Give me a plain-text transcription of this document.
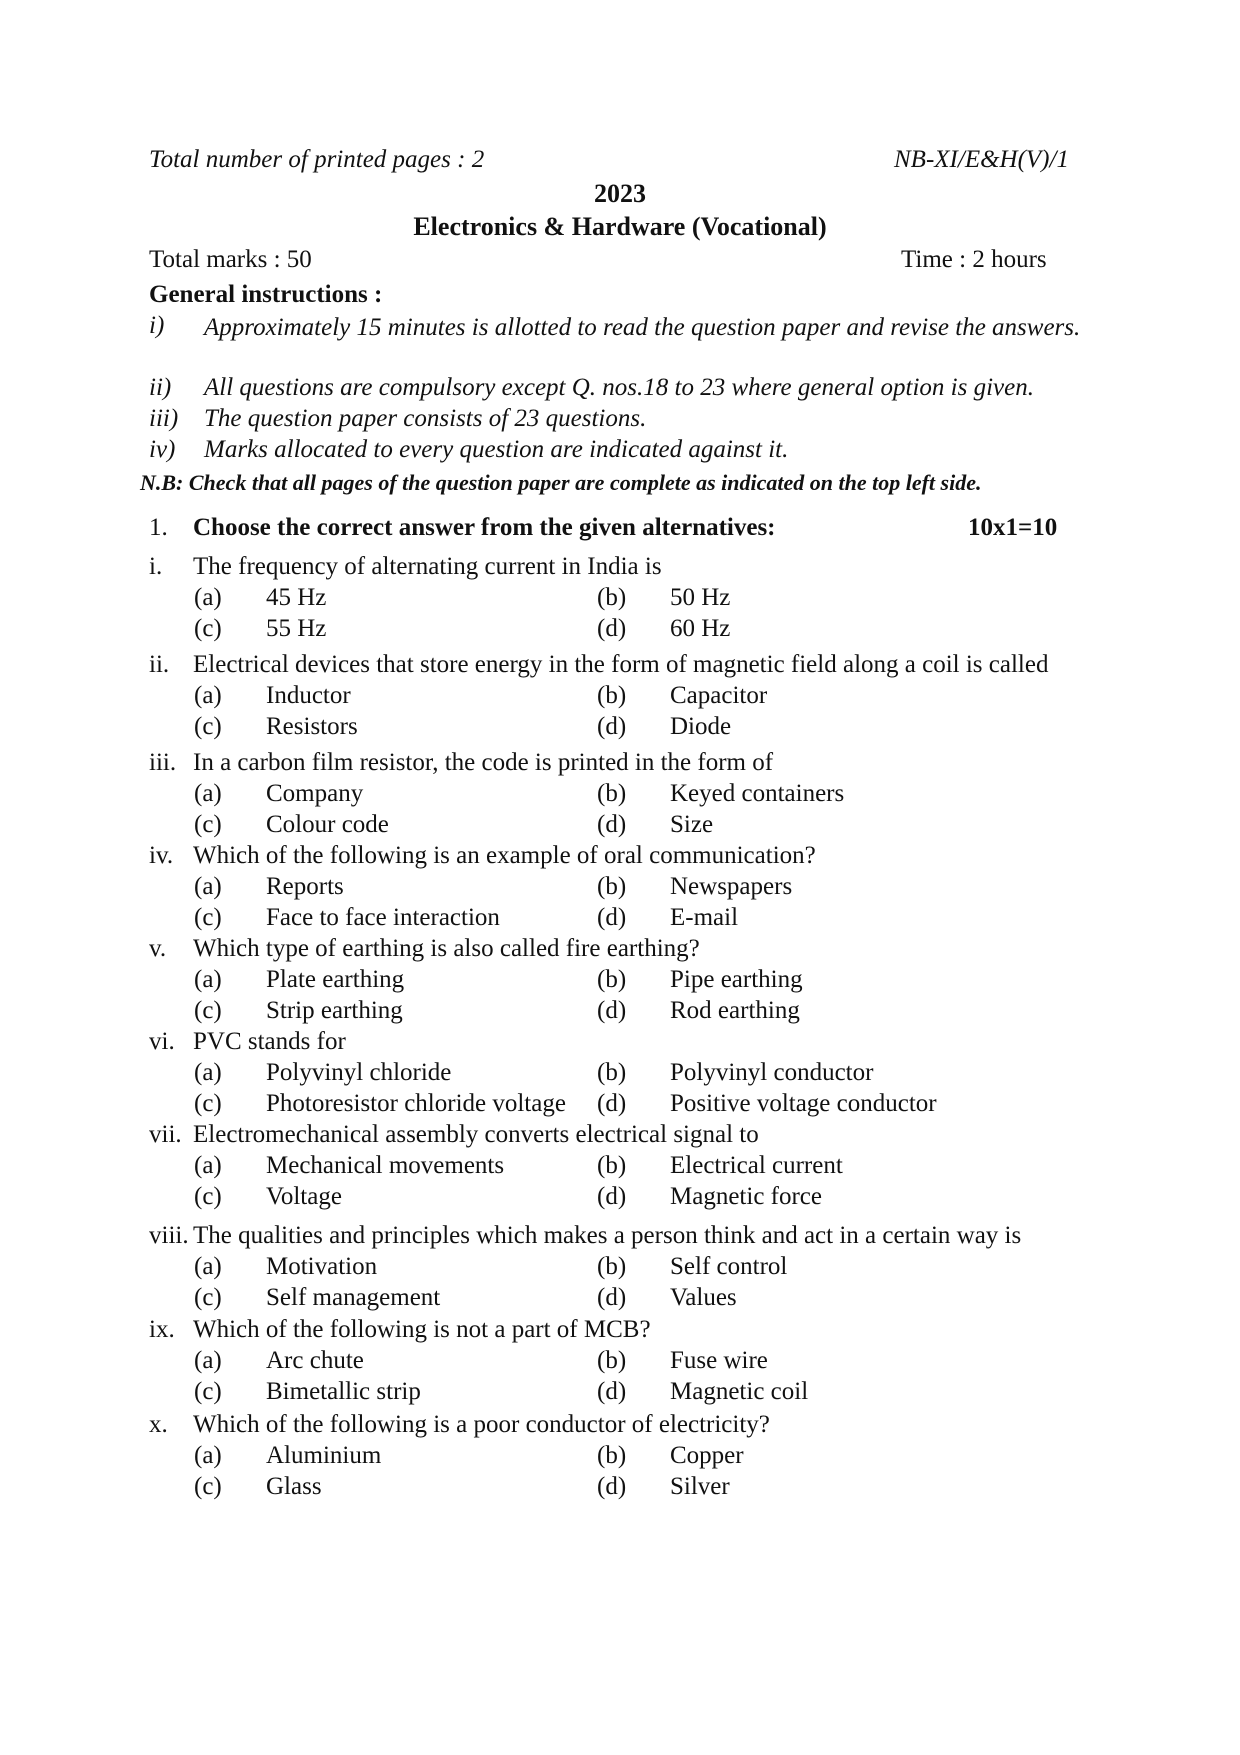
Total number of printed pages : 2	NB-XI/E&H(V)/1
2023
Electronics & Hardware (Vocational)
Total marks : 50	Time : 2 hours
General instructions :
i) Approximately 15 minutes is allotted to read the question paper and revise the answers.
ii) All questions are compulsory except Q. nos.18 to 23 where general option is given.
iii) The question paper consists of 23 questions.
iv) Marks allocated to every question are indicated against it.
N.B: Check that all pages of the question paper are complete as indicated on the top left side.
1. Choose the correct answer from the given alternatives:	10x1=10
i. The frequency of alternating current in India is
(a) 45 Hz	(b) 50 Hz
(c) 55 Hz	(d) 60 Hz
ii. Electrical devices that store energy in the form of magnetic field along a coil is called
(a) Inductor	(b) Capacitor
(c) Resistors	(d) Diode
iii. In a carbon film resistor, the code is printed in the form of
(a) Company	(b) Keyed containers
(c) Colour code	(d) Size
iv. Which of the following is an example of oral communication?
(a) Reports	(b) Newspapers
(c) Face to face interaction	(d) E-mail
v. Which type of earthing is also called fire earthing?
(a) Plate earthing	(b) Pipe earthing
(c) Strip earthing	(d) Rod earthing
vi. PVC stands for
(a) Polyvinyl chloride	(b) Polyvinyl conductor
(c) Photoresistor chloride voltage (d) Positive voltage conductor
vii. Electromechanical assembly converts electrical signal to
(a) Mechanical movements	(b) Electrical current
(c) Voltage	(d) Magnetic force
viii. The qualities and principles which makes a person think and act in a certain way is
(a) Motivation	(b) Self control
(c) Self management	(d) Values
ix. Which of the following is not a part of MCB?
(a) Arc chute	(b) Fuse wire
(c) Bimetallic strip	(d) Magnetic coil
x. Which of the following is a poor conductor of electricity?
(a) Aluminium	(b) Copper
(c) Glass	(d) Silver
